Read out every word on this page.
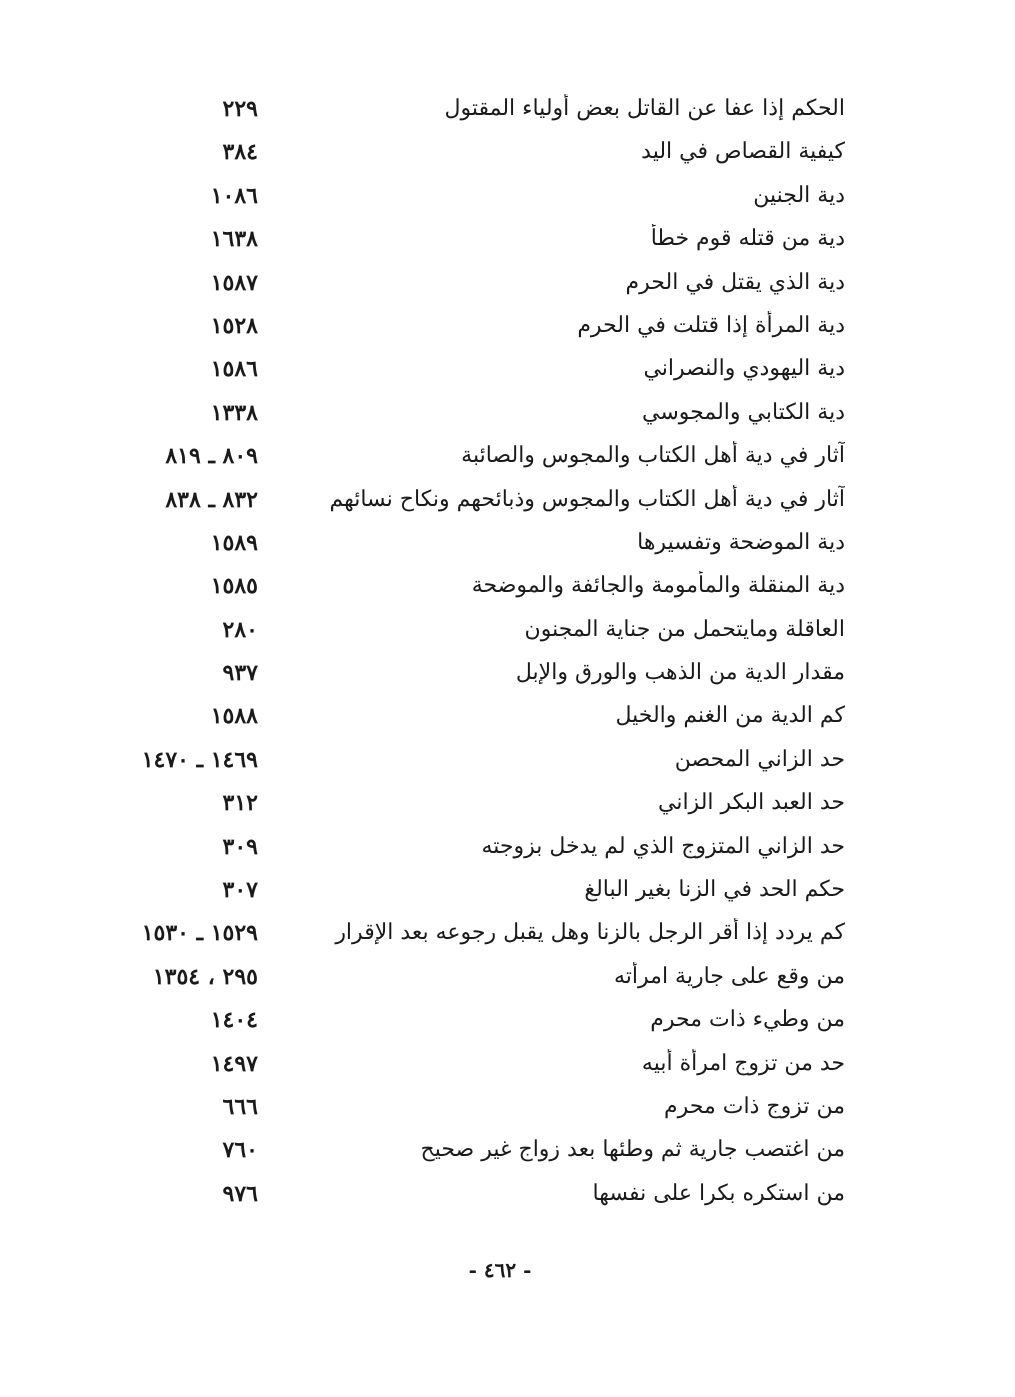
الحكم إذا عفا عن القاتل بعض أولياء المقتول
٢٢٩
كيفية القصاص في اليد
٣٨٤
دية الجنين
١٠٨٦
دية من قتله قوم خطأ
١٦٣٨
دية الذي يقتل في الحرم
١٥٨٧
دية المرأة إذا قتلت في الحرم
١٥٢٨
دية اليهودي والنصراني
١٥٨٦
دية الكتابي والمجوسي
١٣٣٨
آثار في دية أهل الكتاب والمجوس والصائبة
٨٠٩ ـ ٨١٩
آثار في دية أهل الكتاب والمجوس وذبائحهم ونكاح نسائهم
٨٣٢ ـ ٨٣٨
دية الموضحة وتفسيرها
١٥٨٩
دية المنقلة والمأمومة والجائفة والموضحة
١٥٨٥
العاقلة ومايتحمل من جناية المجنون
٢٨٠
مقدار الدية من الذهب والورق والإبل
٩٣٧
كم الدية من الغنم والخيل
١٥٨٨
حد الزاني المحصن
١٤٦٩ ـ ١٤٧٠
حد العبد البكر الزاني
٣١٢
حد الزاني المتزوج الذي لم يدخل بزوجته
٣٠٩
حكم الحد في الزنا بغير البالغ
٣٠٧
كم يردد إذا أقر الرجل بالزنا وهل يقبل رجوعه بعد الإقرار
١٥٢٩ ـ ١٥٣٠
من وقع على جارية امرأته
٢٩٥ ، ١٣٥٤
من وطيء ذات محرم
١٤٠٤
حد من تزوج امرأة أبيه
١٤٩٧
من تزوج ذات محرم
٦٦٦
من اغتصب جارية ثم وطئها بعد زواج غير صحيح
٧٦٠
من استكره بكرا على نفسها
٩٧٦
- ٤٦٢ -
